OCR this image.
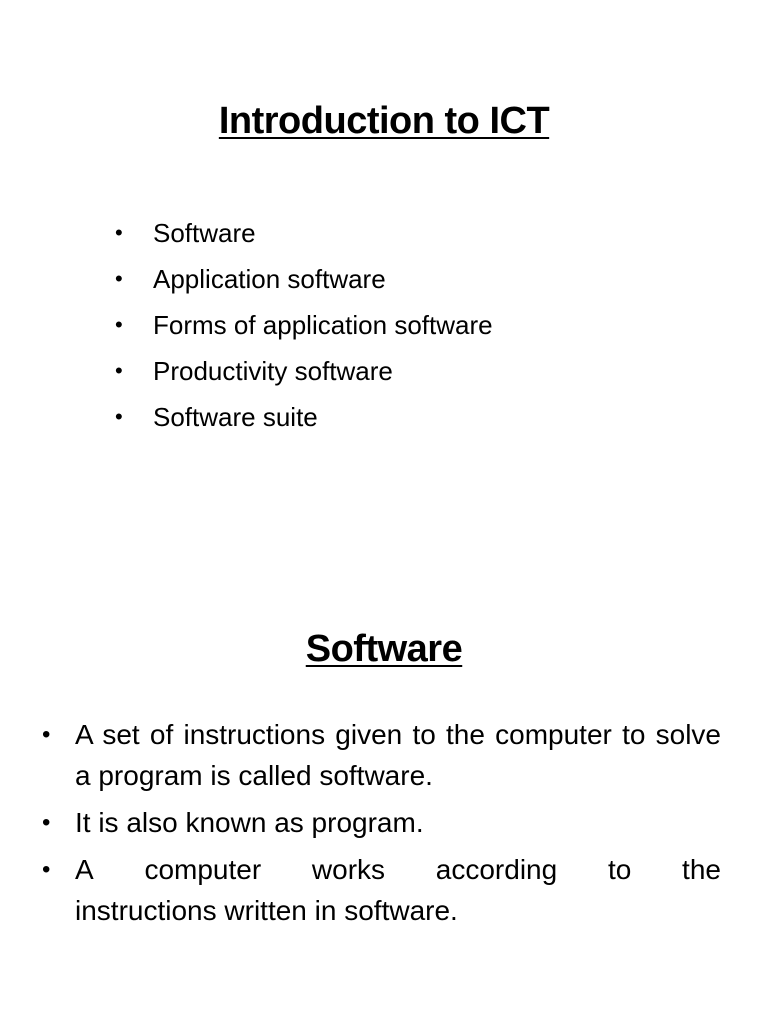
Introduction to ICT
• Software
• Application software
• Forms of application software
• Productivity software
• Software suite
Software
• A set of instructions given to the computer to solve a program is called software.
• It is also known as program.
• A computer works according to the
instructions written in software.
